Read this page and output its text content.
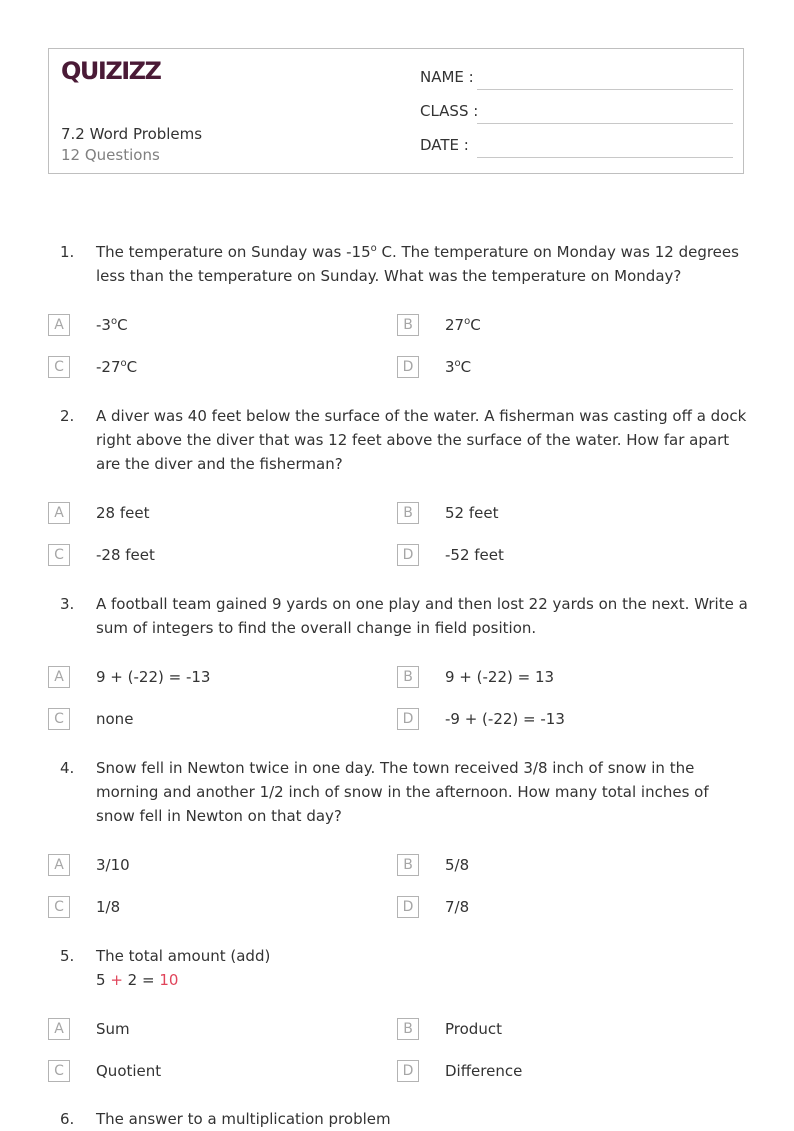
QUIZIZZ
7.2 Word Problems
12 Questions
NAME :
CLASS :
DATE :
1. The temperature on Sunday was -15$^o$ C. The temperature on Monday was 12 degrees less than the temperature on Sunday. What was the temperature on Monday?
A	-3$^o$C	B	27$^o$C
C	-27$^o$C	D	3$^o$C
2. A diver was 40 feet below the surface of the water. A fisherman was casting off a dock right above the diver that was 12 feet above the surface of the water. How far apart are the diver and the fisherman?
A	28 feet	B	52 feet
C	-28 feet	D	-52 feet
3. A football team gained 9 yards on one play and then lost 22 yards on the next. Write a sum of integers to find the overall change in field position.
A	9 + (-22) = -13	B	9 + (-22) = 13
C	none	D	-9 + (-22) = -13
4. Snow fell in Newton twice in one day. The town received 3/8 inch of snow in the morning and another 1/2 inch of snow in the afternoon. How many total inches of snow fell in Newton on that day?
A	3/10	B	5/8
C	1/8	D	7/8
5. The total amount (add)
5 + 2 = 10
A	Sum	B	Product
C	Quotient	D	Difference
6. The answer to a multiplication problem
